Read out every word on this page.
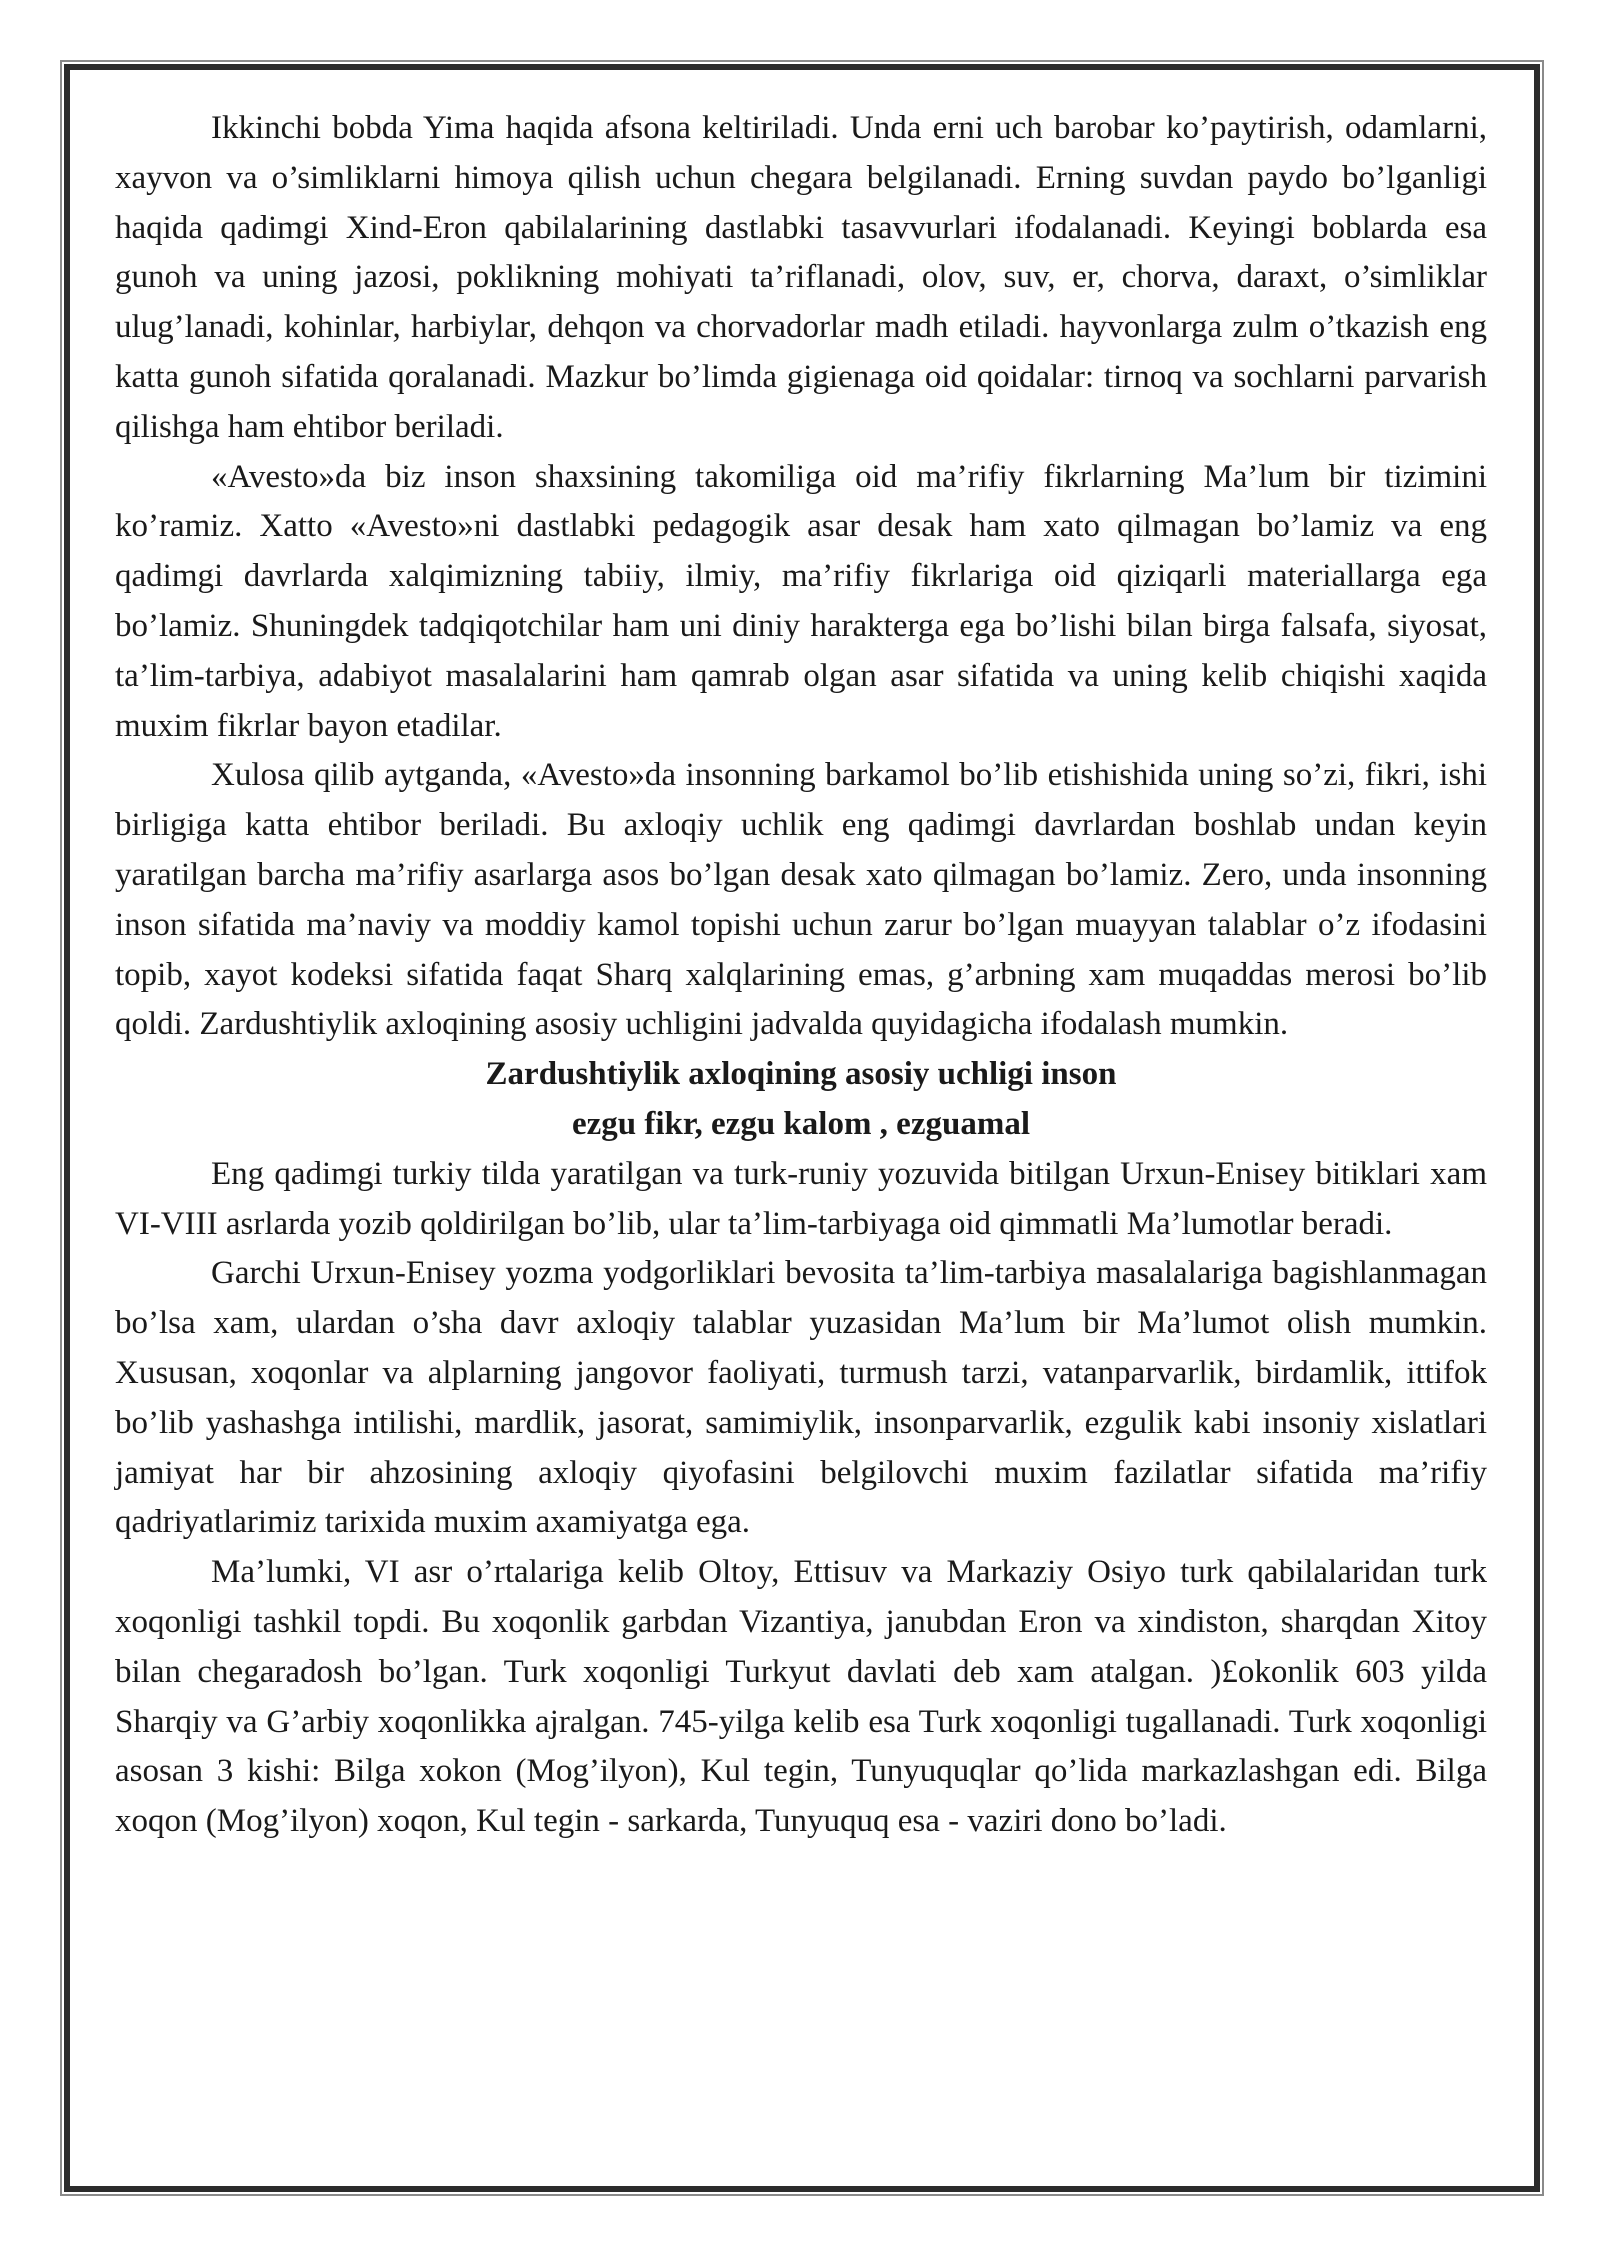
Ikkinchi bobda Yima haqida afsona keltiriladi. Unda erni uch barobar ko’paytirish, odamlarni, xayvon va o’simliklarni himoya qilish uchun chegara belgilanadi. Erning suvdan paydo bo’lganligi haqida qadimgi Xind-Eron qabilalarining dastlabki tasavvurlari ifodalanadi. Keyingi boblarda esa gunoh va uning jazosi, poklikning mohiyati ta’riflanadi, olov, suv, er, chorva, daraxt, o’simliklar ulug’lanadi, kohinlar, harbiylar, dehqon va chorvadorlar madh etiladi. hayvonlarga zulm o’tkazish eng katta gunoh sifatida qoralanadi. Mazkur bo’limda gigienaga oid qoidalar: tirnoq va sochlarni parvarish qilishga ham ehtibor beriladi.

«Avesto»da biz inson shaxsining takomiliga oid ma’rifiy fikrlarning Ma’lum bir tizimini ko’ramiz. Xatto «Avesto»ni dastlabki pedagogik asar desak ham xato qilmagan bo’lamiz va eng qadimgi davrlarda xalqimizning tabiiy, ilmiy, ma’rifiy fikrlariga oid qiziqarli materiallarga ega bo’lamiz. Shuningdek tadqiqotchilar ham uni diniy harakterga ega bo’lishi bilan birga falsafa, siyosat, ta’lim-tarbiya, adabiyot masalalarini ham qamrab olgan asar sifatida va uning kelib chiqishi xaqida muxim fikrlar bayon etadilar.

Xulosa qilib aytganda, «Avesto»da insonning barkamol bo’lib etishishida uning so’zi, fikri, ishi birligiga katta ehtibor beriladi. Bu axloqiy uchlik eng qadimgi davrlardan boshlab undan keyin yaratilgan barcha ma’rifiy asarlarga asos bo’lgan desak xato qilmagan bo’lamiz. Zero, unda insonning inson sifatida ma’naviy va moddiy kamol topishi uchun zarur bo’lgan muayyan talablar o’z ifodasini topib, xayot kodeksi sifatida faqat Sharq xalqlarining emas, g’arbning xam muqaddas merosi bo’lib qoldi. Zardushtiylik axloqining asosiy uchligini jadvalda quyidagicha ifodalash mumkin.

Zardushtiylik axloqining asosiy uchligi inson

ezgu fikr, ezgu kalom , ezguamal

Eng qadimgi turkiy tilda yaratilgan va turk-runiy yozuvida bitilgan Urxun-Enisey bitiklari xam VI-VIII asrlarda yozib qoldirilgan bo’lib, ular ta’lim-tarbiyaga oid qimmatli Ma’lumotlar beradi.

Garchi Urxun-Enisey yozma yodgorliklari bevosita ta’lim-tarbiya masalalariga bagishlanmagan bo’lsa xam, ulardan o’sha davr axloqiy talablar yuzasidan Ma’lum bir Ma’lumot olish mumkin. Xususan, xoqonlar va alplarning jangovor faoliyati, turmush tarzi, vatanparvarlik, birdamlik, ittifok bo’lib yashashga intilishi, mardlik, jasorat, samimiylik, insonparvarlik, ezgulik kabi insoniy xislatlari jamiyat har bir ahzosining axloqiy qiyofasini belgilovchi muxim fazilatlar sifatida ma’rifiy qadriyatlarimiz tarixida muxim axamiyatga ega.

Ma’lumki, VI asr o’rtalariga kelib Oltoy, Ettisuv va Markaziy Osiyo turk qabilalaridan turk xoqonligi tashkil topdi. Bu xoqonlik garbdan Vizantiya, janubdan Eron va xindiston, sharqdan Xitoy bilan chegaradosh bo’lgan. Turk xoqonligi Turkyut davlati deb xam atalgan. )£okonlik 603 yilda Sharqiy va G’arbiy xoqonlikka ajralgan. 745-yilga kelib esa Turk xoqonligi tugallanadi. Turk xoqonligi asosan 3 kishi: Bilga xokon (Mog’ilyon), Kul tegin, Tunyuquqlar qo’lida markazlashgan edi. Bilga xoqon (Mog’ilyon) xoqon, Kul tegin - sarkarda, Tunyuquq esa - vaziri dono bo’ladi.
